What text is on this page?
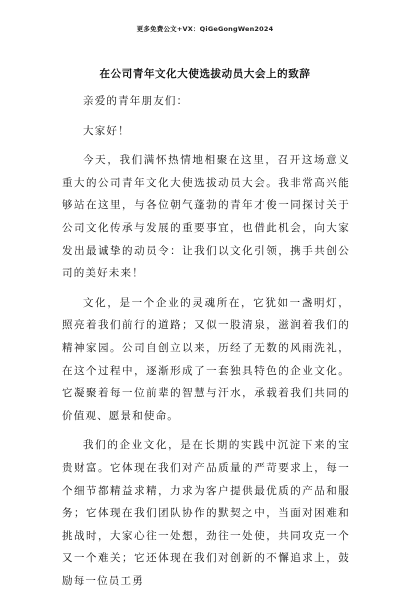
更多免费公文+VX：QiGeGongWen2024
在公司青年文化大使选拔动员大会上的致辞

亲爱的青年朋友们：

大家好！

今天，我们满怀热情地相聚在这里，召开这场意义重大的公司青年文化大使选拔动员大会。我非常高兴能够站在这里，与各位朝气蓬勃的青年才俊一同探讨关于公司文化传承与发展的重要事宜，也借此机会，向大家发出最诚挚的动员令：让我们以文化引领，携手共创公司的美好未来！

文化，是一个企业的灵魂所在，它犹如一盏明灯，照亮着我们前行的道路；又似一股清泉，滋润着我们的精神家园。公司自创立以来，历经了无数的风雨洗礼，在这个过程中，逐渐形成了一套独具特色的企业文化。它凝聚着每一位前辈的智慧与汗水，承载着我们共同的价值观、愿景和使命。

我们的企业文化，是在长期的实践中沉淀下来的宝贵财富。它体现在我们对产品质量的严苛要求上，每一个细节都精益求精，力求为客户提供最优质的产品和服务；它体现在我们团队协作的默契之中，当面对困难和挑战时，大家心往一处想，劲往一处使，共同攻克一个又一个难关；它还体现在我们对创新的不懈追求上，鼓励每一位员工勇
